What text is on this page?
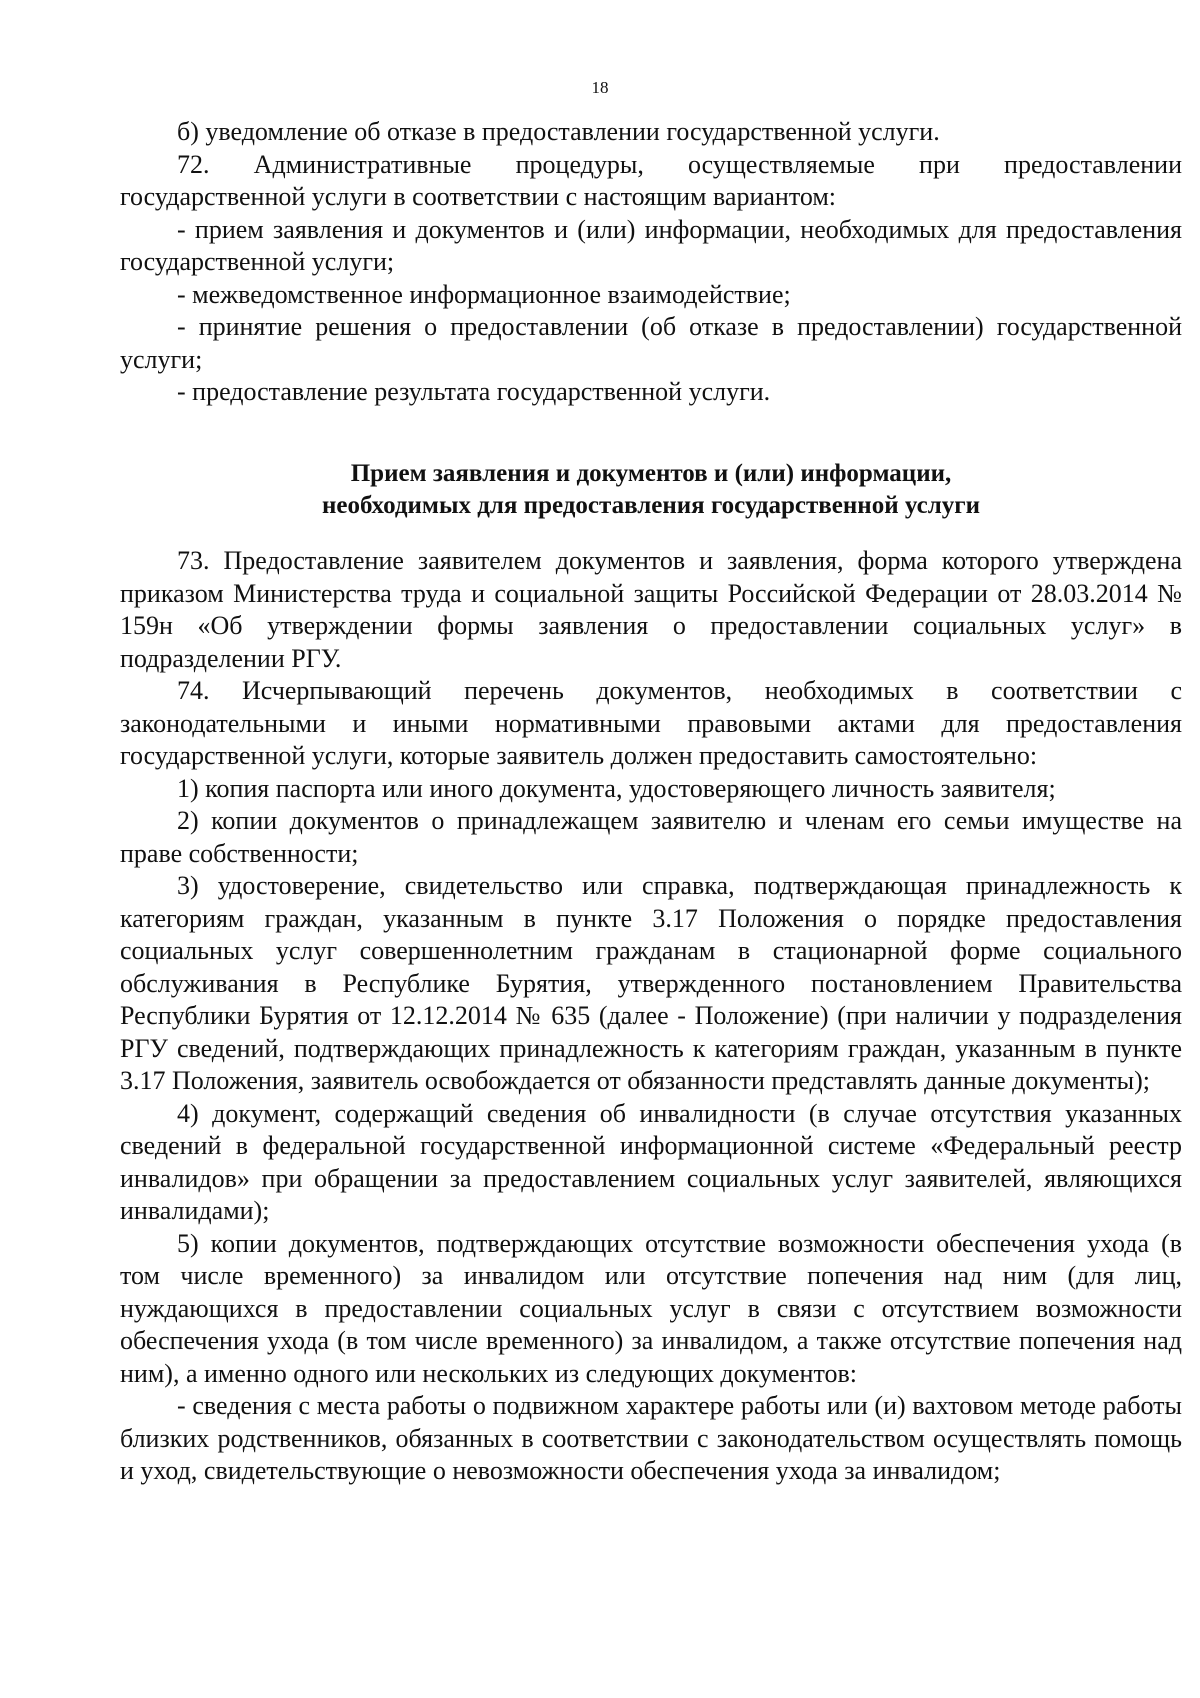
18

б) уведомление об отказе в предоставлении государственной услуги.

72. Административные процедуры, осуществляемые при предоставлении государственной услуги в соответствии с настоящим вариантом:

- прием заявления и документов и (или) информации, необходимых для предоставления государственной услуги;

- межведомственное информационное взаимодействие;

- принятие решения о предоставлении (об отказе в предоставлении) государственной услуги;

- предоставление результата государственной услуги.

Прием заявления и документов и (или) информации,
необходимых для предоставления государственной услуги

73. Предоставление заявителем документов и заявления, форма которого утверждена приказом Министерства труда и социальной защиты Российской Федерации от 28.03.2014 № 159н «Об утверждении формы заявления о предоставлении социальных услуг» в подразделении РГУ.

74. Исчерпывающий перечень документов, необходимых в соответствии с законодательными и иными нормативными правовыми актами для предоставления государственной услуги, которые заявитель должен предоставить самостоятельно:

1) копия паспорта или иного документа, удостоверяющего личность заявителя;

2) копии документов о принадлежащем заявителю и членам его семьи имуществе на праве собственности;

3) удостоверение, свидетельство или справка, подтверждающая принадлежность к категориям граждан, указанным в пункте 3.17 Положения о порядке предоставления социальных услуг совершеннолетним гражданам в стационарной форме социального обслуживания в Республике Бурятия, утвержденного постановлением Правительства Республики Бурятия от 12.12.2014 № 635 (далее - Положение) (при наличии у подразделения РГУ сведений, подтверждающих принадлежность к категориям граждан, указанным в пункте 3.17 Положения, заявитель освобождается от обязанности представлять данные документы);

4) документ, содержащий сведения об инвалидности (в случае отсутствия указанных сведений в федеральной государственной информационной системе «Федеральный реестр инвалидов» при обращении за предоставлением социальных услуг заявителей, являющихся инвалидами);

5) копии документов, подтверждающих отсутствие возможности обеспечения ухода (в том числе временного) за инвалидом или отсутствие попечения над ним (для лиц, нуждающихся в предоставлении социальных услуг в связи с отсутствием возможности обеспечения ухода (в том числе временного) за инвалидом, а также отсутствие попечения над ним), а именно одного или нескольких из следующих документов:

- сведения с места работы о подвижном характере работы или (и) вахтовом методе работы близких родственников, обязанных в соответствии с законодательством осуществлять помощь и уход, свидетельствующие о невозможности обеспечения ухода за инвалидом;
